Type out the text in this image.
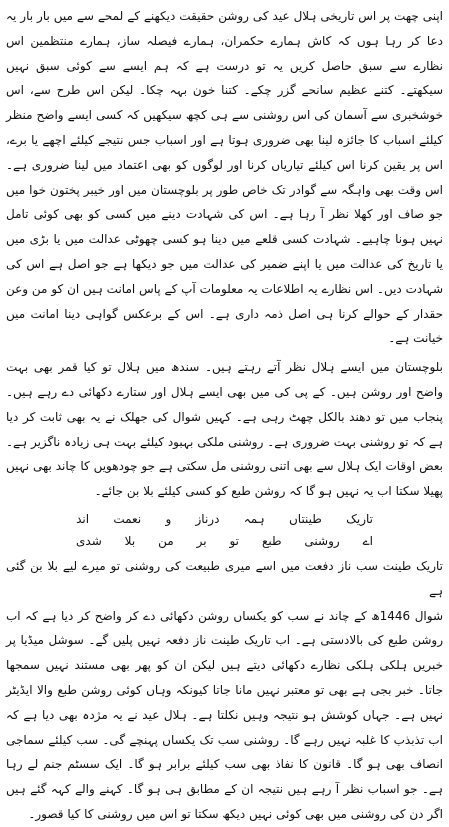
اپنی چھت پر اس تاریخی ہلال عید کی روشن حقیقت دیکھنے کے لمحے سے میں بار بار یہ دعا کر رہا ہوں کہ کاش ہمارے حکمران، ہمارے فیصلہ ساز، ہمارے منتظمین اس نظارے سے سبق حاصل کریں یہ تو درست ہے کہ ہم ایسے سے کوئی سبق نہیں سیکھتے۔ کتنے عظیم سانحے گزر چکے۔ کتنا خون بہہ چکا۔ لیکن اس طرح سے، اس خوشخبری سے آسمان کی اس روشنی سے ہی کچھ سیکھیں کہ کسی ایسے واضح منظر کیلئے اسباب کا جائزہ لینا بھی ضروری ہوتا ہے اور اسباب جس نتیجے کیلئے اچھے یا برے، اس پر یقین کرنا اس کیلئے تیاریاں کرنا اور لوگوں کو بھی اعتماد میں لینا ضروری ہے۔ اس وقت بھی واہگہ سے گوادر تک خاص طور پر بلوچستان میں اور خیبر پختون خوا میں جو صاف اور کھلا نظر آ رہا ہے۔ اس کی شہادت دینے میں کسی کو بھی کوئی تامل نہیں ہونا چاہیے۔ شہادت کسی قلعے میں دینا ہو کسی چھوٹی عدالت میں یا بڑی میں یا تاریخ کی عدالت میں یا اپنے ضمیر کی عدالت میں جو دیکھا ہے جو اصل ہے اس کی شہادت دیں۔ اس نظارے یہ اطلاعات یہ معلومات آپ کے پاس امانت ہیں ان کو من وعن حقدار کے حوالے کرنا ہی اصل ذمہ داری ہے۔ اس کے برعکس گواہی دینا امانت میں خیانت ہے۔

بلوچستان میں ایسے ہلال نظر آتے رہتے ہیں۔ سندھ میں ہلال تو کیا قمر بھی بہت واضح اور روشن ہیں۔ کے پی کی میں بھی ایسے ہلال اور ستارے دکھائی دے رہے ہیں۔ پنجاب میں تو دھند بالکل چھٹ رہی ہے۔ کہیں شوال کی جھلک نے یہ بھی ثابت کر دیا ہے کہ تو روشنی بہت ضروری ہے۔ روشنی ملکی بہبود کیلئے بہت ہی زیادہ ناگزیر ہے۔ بعض اوقات ایک ہلال سے بھی اتنی روشنی مل سکتی ہے جو چودھویں کا چاند بھی نہیں پھیلا سکتا اب یہ نہیں ہو گا کہ روشن طبع کو کسی کیلئے بلا بن جائے۔

تاریک
طینتاں
ہمہ
درناز
و
نعمت
اند
اے
روشنی
طبع
تو
بر
من
بلا
شدی

تاریک طینت سب ناز دفعت میں اسے میری طبیعت کی روشنی تو میرے لیے بلا بن گئی ہے

شوال 1446ھ کے چاند نے سب کو یکساں روشن دکھائی دے کر واضح کر دیا ہے کہ اب روشن طبع کی بالادستی ہے۔ اب تاریک طینت ناز دفعہ نہیں پلیں گے۔ سوشل میڈیا پر خبریں ہلکی ہلکی نظارے دکھائی دیتے ہیں لیکن ان کو پھر بھی مستند نہیں سمجھا جاتا۔ خبر بجی ہے بھی تو معتبر نہیں مانا جاتا کیونکہ وہاں کوئی روشن طبع والا ایڈیٹر نہیں ہے۔ جہاں کوشش ہو نتیجہ وہیں نکلتا ہے۔ ہلال عید نے یہ مژدہ بھی دیا ہے کہ اب تذبذب کا غلبہ نہیں رہے گا۔ روشنی سب تک یکساں پہنچے گی۔ سب کیلئے سماجی انصاف بھی ہو گا۔ قانون کا نفاذ بھی سب کیلئے برابر ہو گا۔ ایک سسٹم جنم لے رہا ہے۔ جو اسباب نظر آ رہے ہیں نتیجہ ان کے مطابق ہی ہو گا۔ کہنے والے کہہ گئے ہیں اگر دن کی روشنی میں بھی کوئی نہیں دیکھ سکتا تو اس میں روشنی کا کیا قصور۔
